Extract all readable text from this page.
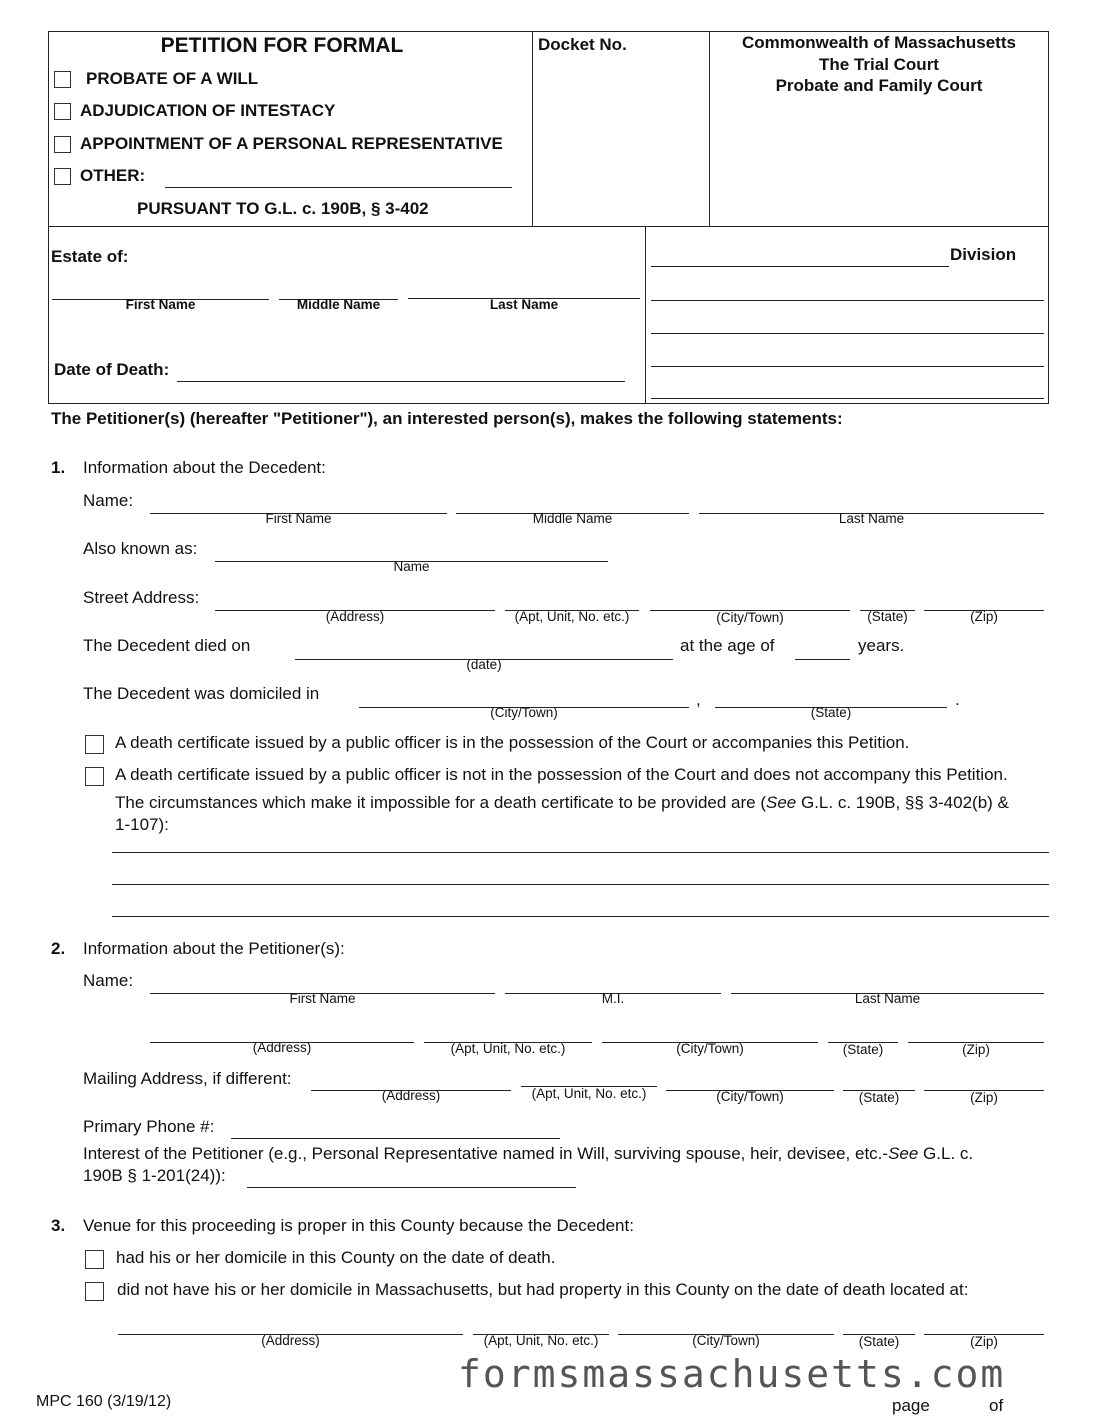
PETITION FOR FORMAL
PROBATE OF A WILL
ADJUDICATION OF INTESTACY
APPOINTMENT OF A PERSONAL REPRESENTATIVE
OTHER:
PURSUANT TO G.L. c. 190B, § 3-402
Docket No.	Commonwealth of Massachusetts
The Trial Court
Probate and Family Court
Estate of:
First Name	Middle Name	Last Name
Date of Death:
Division
The Petitioner(s) (hereafter "Petitioner"), an interested person(s), makes the following statements:
1. Information about the Decedent:
Name:
First Name	Middle Name	Last Name
Also known as:
Name
Street Address:
(Address)	(Apt, Unit, No. etc.)	(City/Town)	(State)	(Zip)
The Decedent died on
(date)
at the age of	years.
The Decedent was domiciled in
(City/Town)
,
(State)
.
A death certificate issued by a public officer is in the possession of the Court or accompanies this Petition.
A death certificate issued by a public officer is not in the possession of the Court and does not accompany this Petition.
The circumstances which make it impossible for a death certificate to be provided are (See G.L. c. 190B, §§ 3-402(b) &
1-107):
2. Information about the Petitioner(s):
Name:
First Name	M.I.	Last Name
(Address)	(Apt, Unit, No. etc.)	(City/Town)	(State)	(Zip)
Mailing Address, if different:
(Address)	(Apt, Unit, No. etc.)	(City/Town)	(State)	(Zip)
Primary Phone #:
Interest of the Petitioner (e.g., Personal Representative named in Will, surviving spouse, heir, devisee, etc.-See G.L. c.
190B § 1-201(24)):
3. Venue for this proceeding is proper in this County because the Decedent:
had his or her domicile in this County on the date of death.
did not have his or her domicile in Massachusetts, but had property in this County on the date of death located at:
(Address)	(Apt, Unit, No. etc.)	(City/Town)	(State)	(Zip)
MPC 160 (3/19/12)
formsmassachusetts.com
page	of
